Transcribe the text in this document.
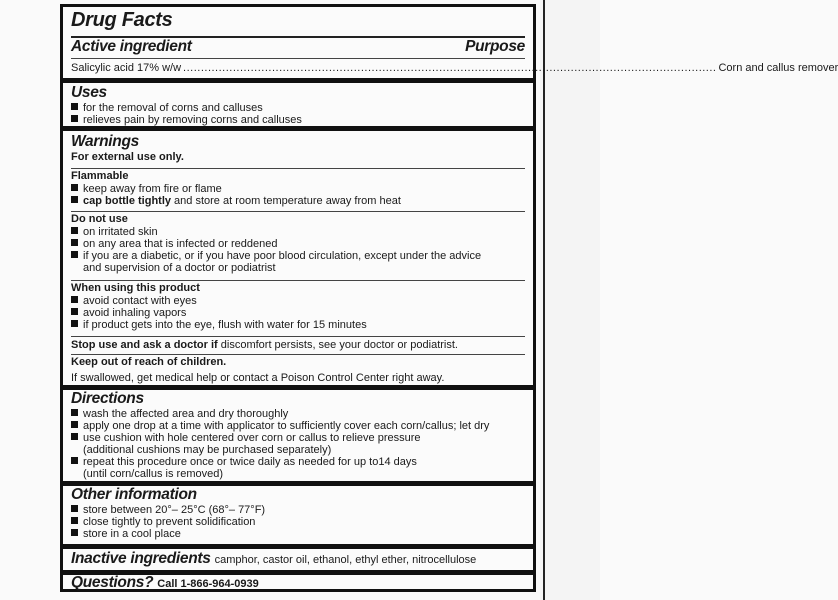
Drug Facts
Active ingredient	Purpose
Salicylic acid 17% w/w ...................................................................................................................................................... Corn and callus remover
Uses
for the removal of corns and calluses
relieves pain by removing corns and calluses
Warnings
For external use only.
Flammable
keep away from fire or flame
cap bottle tightly and store at room temperature away from heat
Do not use
on irritated skin
on any area that is infected or reddened
if you are a diabetic, or if you have poor blood circulation, except under the advice
and supervision of a doctor or podiatrist
When using this product
avoid contact with eyes
avoid inhaling vapors
if product gets into the eye, flush with water for 15 minutes
Stop use and ask a doctor if discomfort persists, see your doctor or podiatrist.
Keep out of reach of children.
If swallowed, get medical help or contact a Poison Control Center right away.
Directions
wash the affected area and dry thoroughly
apply one drop at a time with applicator to sufficiently cover each corn/callus; let dry
use cushion with hole centered over corn or callus to relieve pressure
(additional cushions may be purchased separately)
repeat this procedure once or twice daily as needed for up to14 days
(until corn/callus is removed)
Other information
store between 20°– 25°C (68°– 77°F)
close tightly to prevent solidification
store in a cool place
Inactive ingredients camphor, castor oil, ethanol, ethyl ether, nitrocellulose
Questions? Call 1-866-964-0939
